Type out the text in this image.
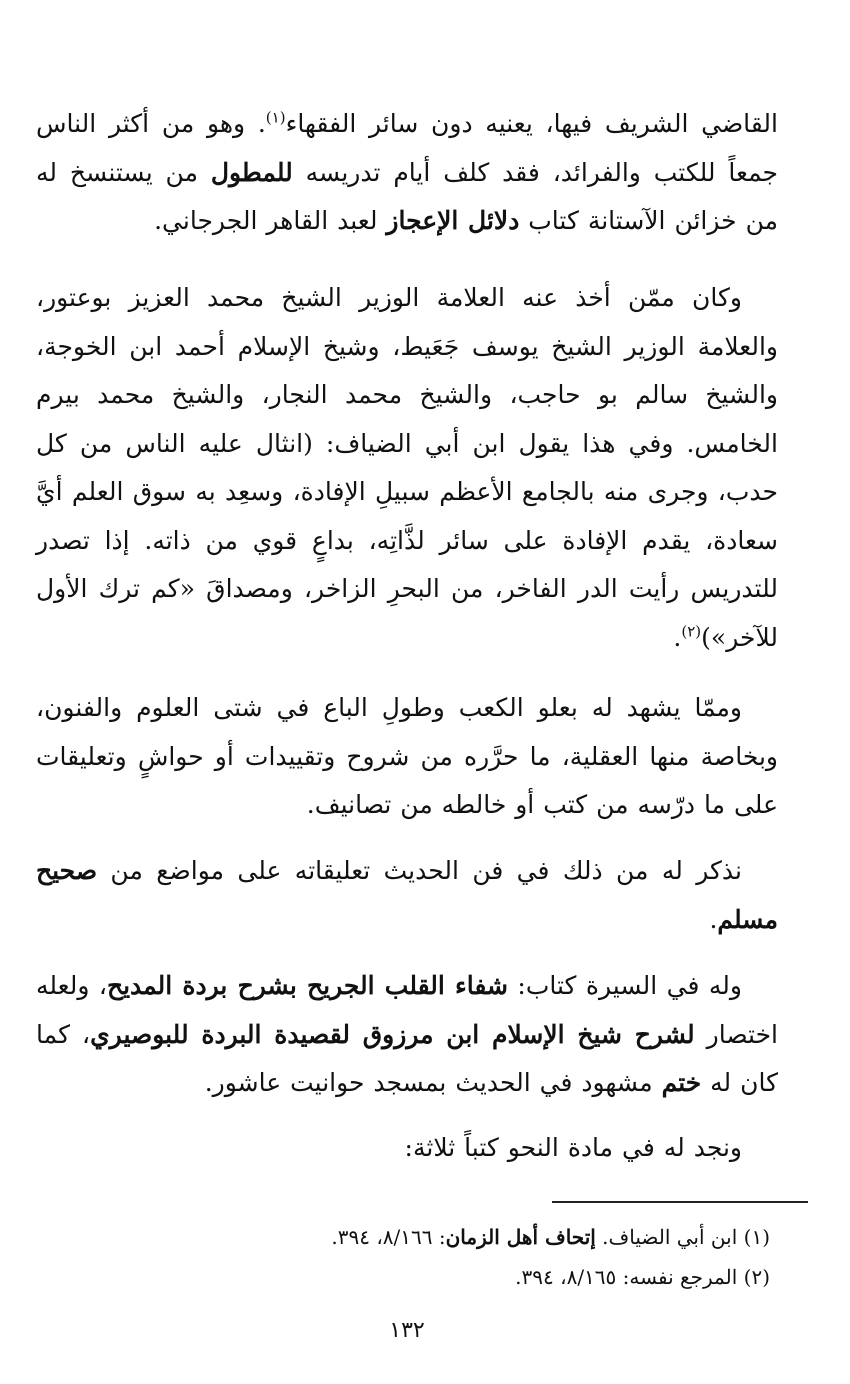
القاضي الشريف فيها، يعنيه دون سائر الفقهاء$^{(١)}$. وهو من أكثر الناس جمعاً للكتب والفرائد، فقد كلف أيام تدريسه للمطول من يستنسخ له من خزائن الآستانة كتاب دلائل الإعجاز لعبد القاهر الجرجاني.

وكان ممّن أخذ عنه العلامة الوزير الشيخ محمد العزيز بوعتور، والعلامة الوزير الشيخ يوسف جَعَيط، وشيخ الإسلام أحمد ابن الخوجة، والشيخ سالم بو حاجب، والشيخ محمد النجار، والشيخ محمد بيرم الخامس. وفي هذا يقول ابن أبي الضياف: (انثال عليه الناس من كل حدب، وجرى منه بالجامع الأعظم سبيلِ الإفادة، وسعِد به سوق العلم أيَّ سعادة، يقدم الإفادة على سائر لذَّاتِه، بداعٍ قوي من ذاته. إذا تصدر للتدريس رأيت الدر الفاخر، من البحرِ الزاخر، ومصداقَ «كم ترك الأول للآخر»)$^{(٢)}$.

وممّا يشهد له بعلو الكعب وطولِ الباع في شتى العلوم والفنون، وبخاصة منها العقلية، ما حرَّره من شروح وتقييدات أو حواشٍ وتعليقات على ما درّسه من كتب أو خالطه من تصانيف.

نذكر له من ذلك في فن الحديث تعليقاته على مواضع من صحيح مسلم.

وله في السيرة كتاب: شفاء القلب الجريح بشرح بردة المديح، ولعله اختصار لشرح شيخ الإسلام ابن مرزوق لقصيدة البردة للبوصيري، كما كان له ختم مشهود في الحديث بمسجد حوانيت عاشور.

ونجد له في مادة النحو كتباً ثلاثة:

(١) ابن أبي الضياف. إتحاف أهل الزمان: ٨/١٦٦، ٣٩٤.
(٢) المرجع نفسه: ٨/١٦٥، ٣٩٤.
١٣٢
